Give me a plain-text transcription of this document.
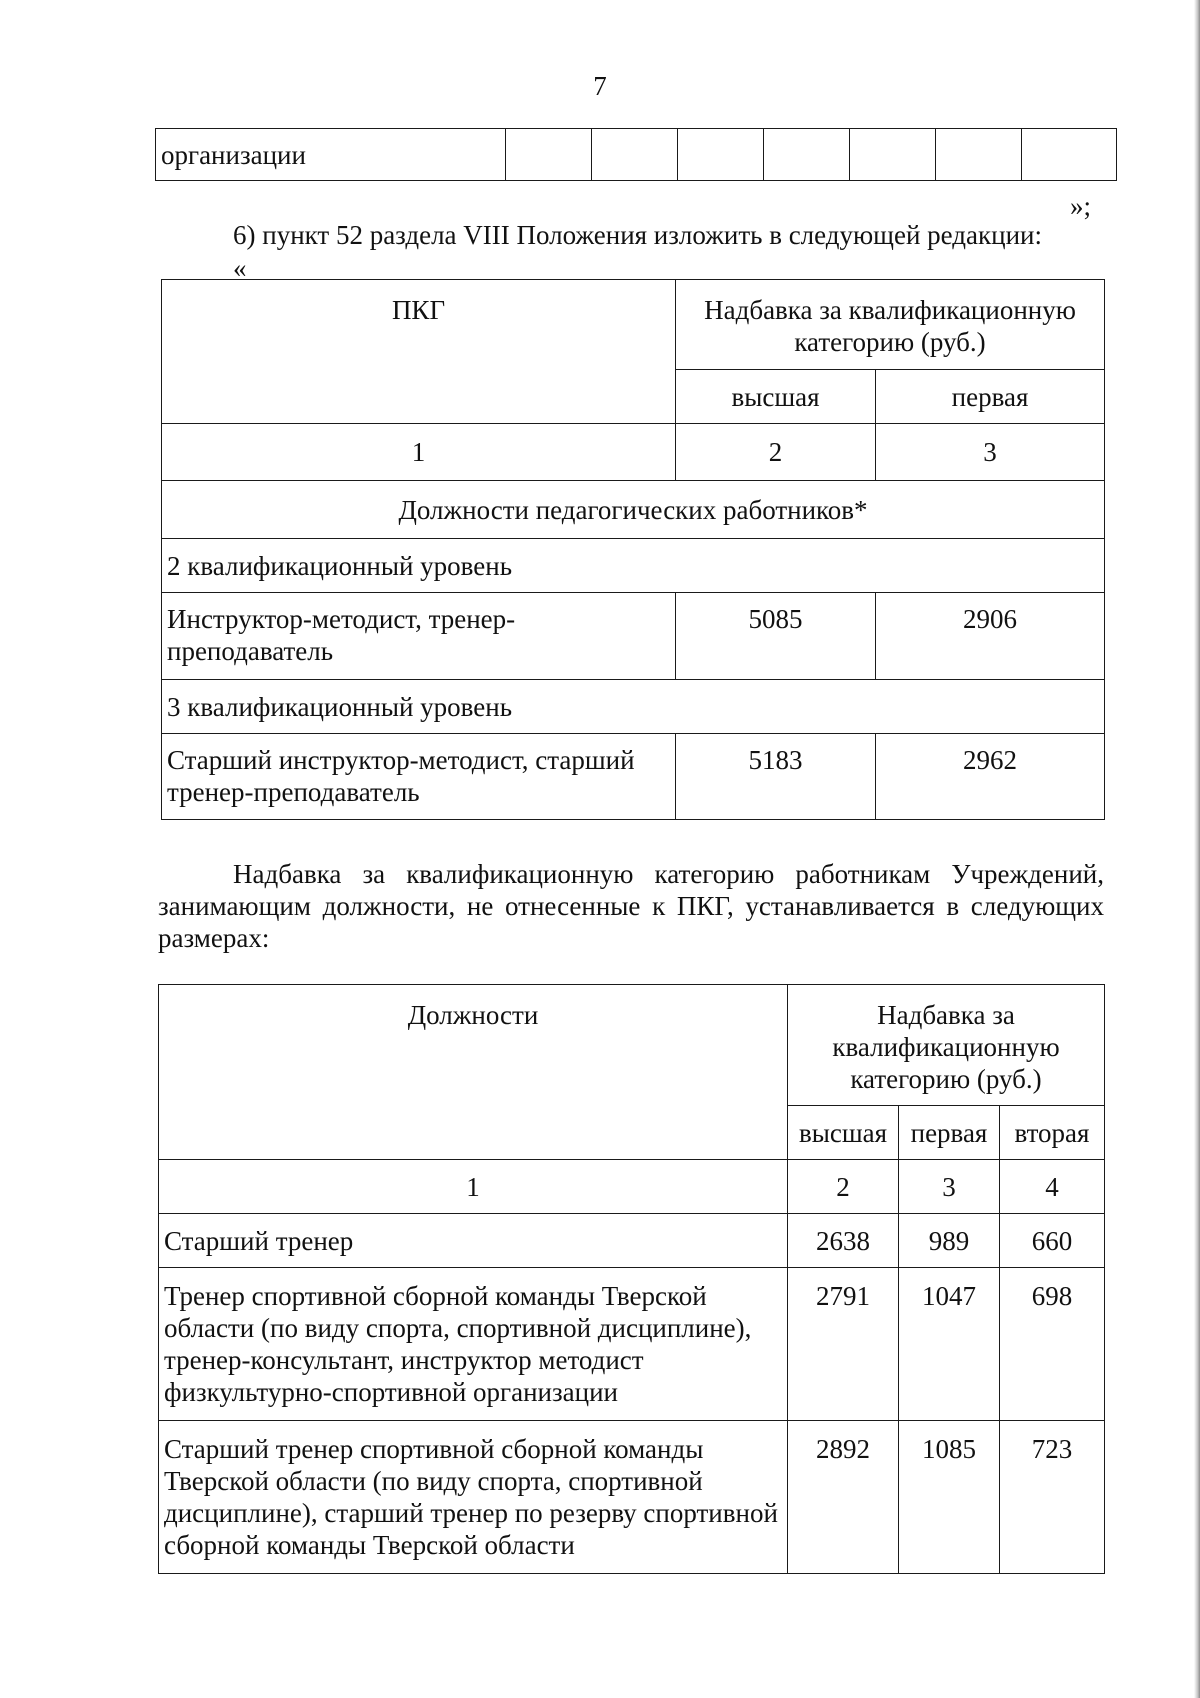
7
организации							
»;
6) пункт 52 раздела VIII Положения изложить в следующей редакции:
«
ПКГ	Надбавка за квалификационную категорию (руб.)	
	высшая	первая
1	2	3
Должности педагогических работников*		
2 квалификационный уровень		
Инструктор-методист, тренер-преподаватель	5085	2906
3 квалификационный уровень		
Старший инструктор-методист, старший тренер-преподаватель	5183	2962
Надбавка за квалификационную категорию работникам Учреждений, занимающим должности, не отнесенные к ПКГ, устанавливается в следующих размерах:
Должности	Надбавка за квалификационную категорию (руб.)		
	высшая	первая	вторая
1	2	3	4
Старший тренер	2638	989	660
Тренер спортивной сборной команды Тверской области (по виду спорта, спортивной дисциплине), тренер-консультант, инструктор методист физкультурно-спортивной организации	2791	1047	698
Старший тренер спортивной сборной команды Тверской области (по виду спорта, спортивной дисциплине), старший тренер по резерву спортивной сборной команды Тверской области	2892	1085	723
